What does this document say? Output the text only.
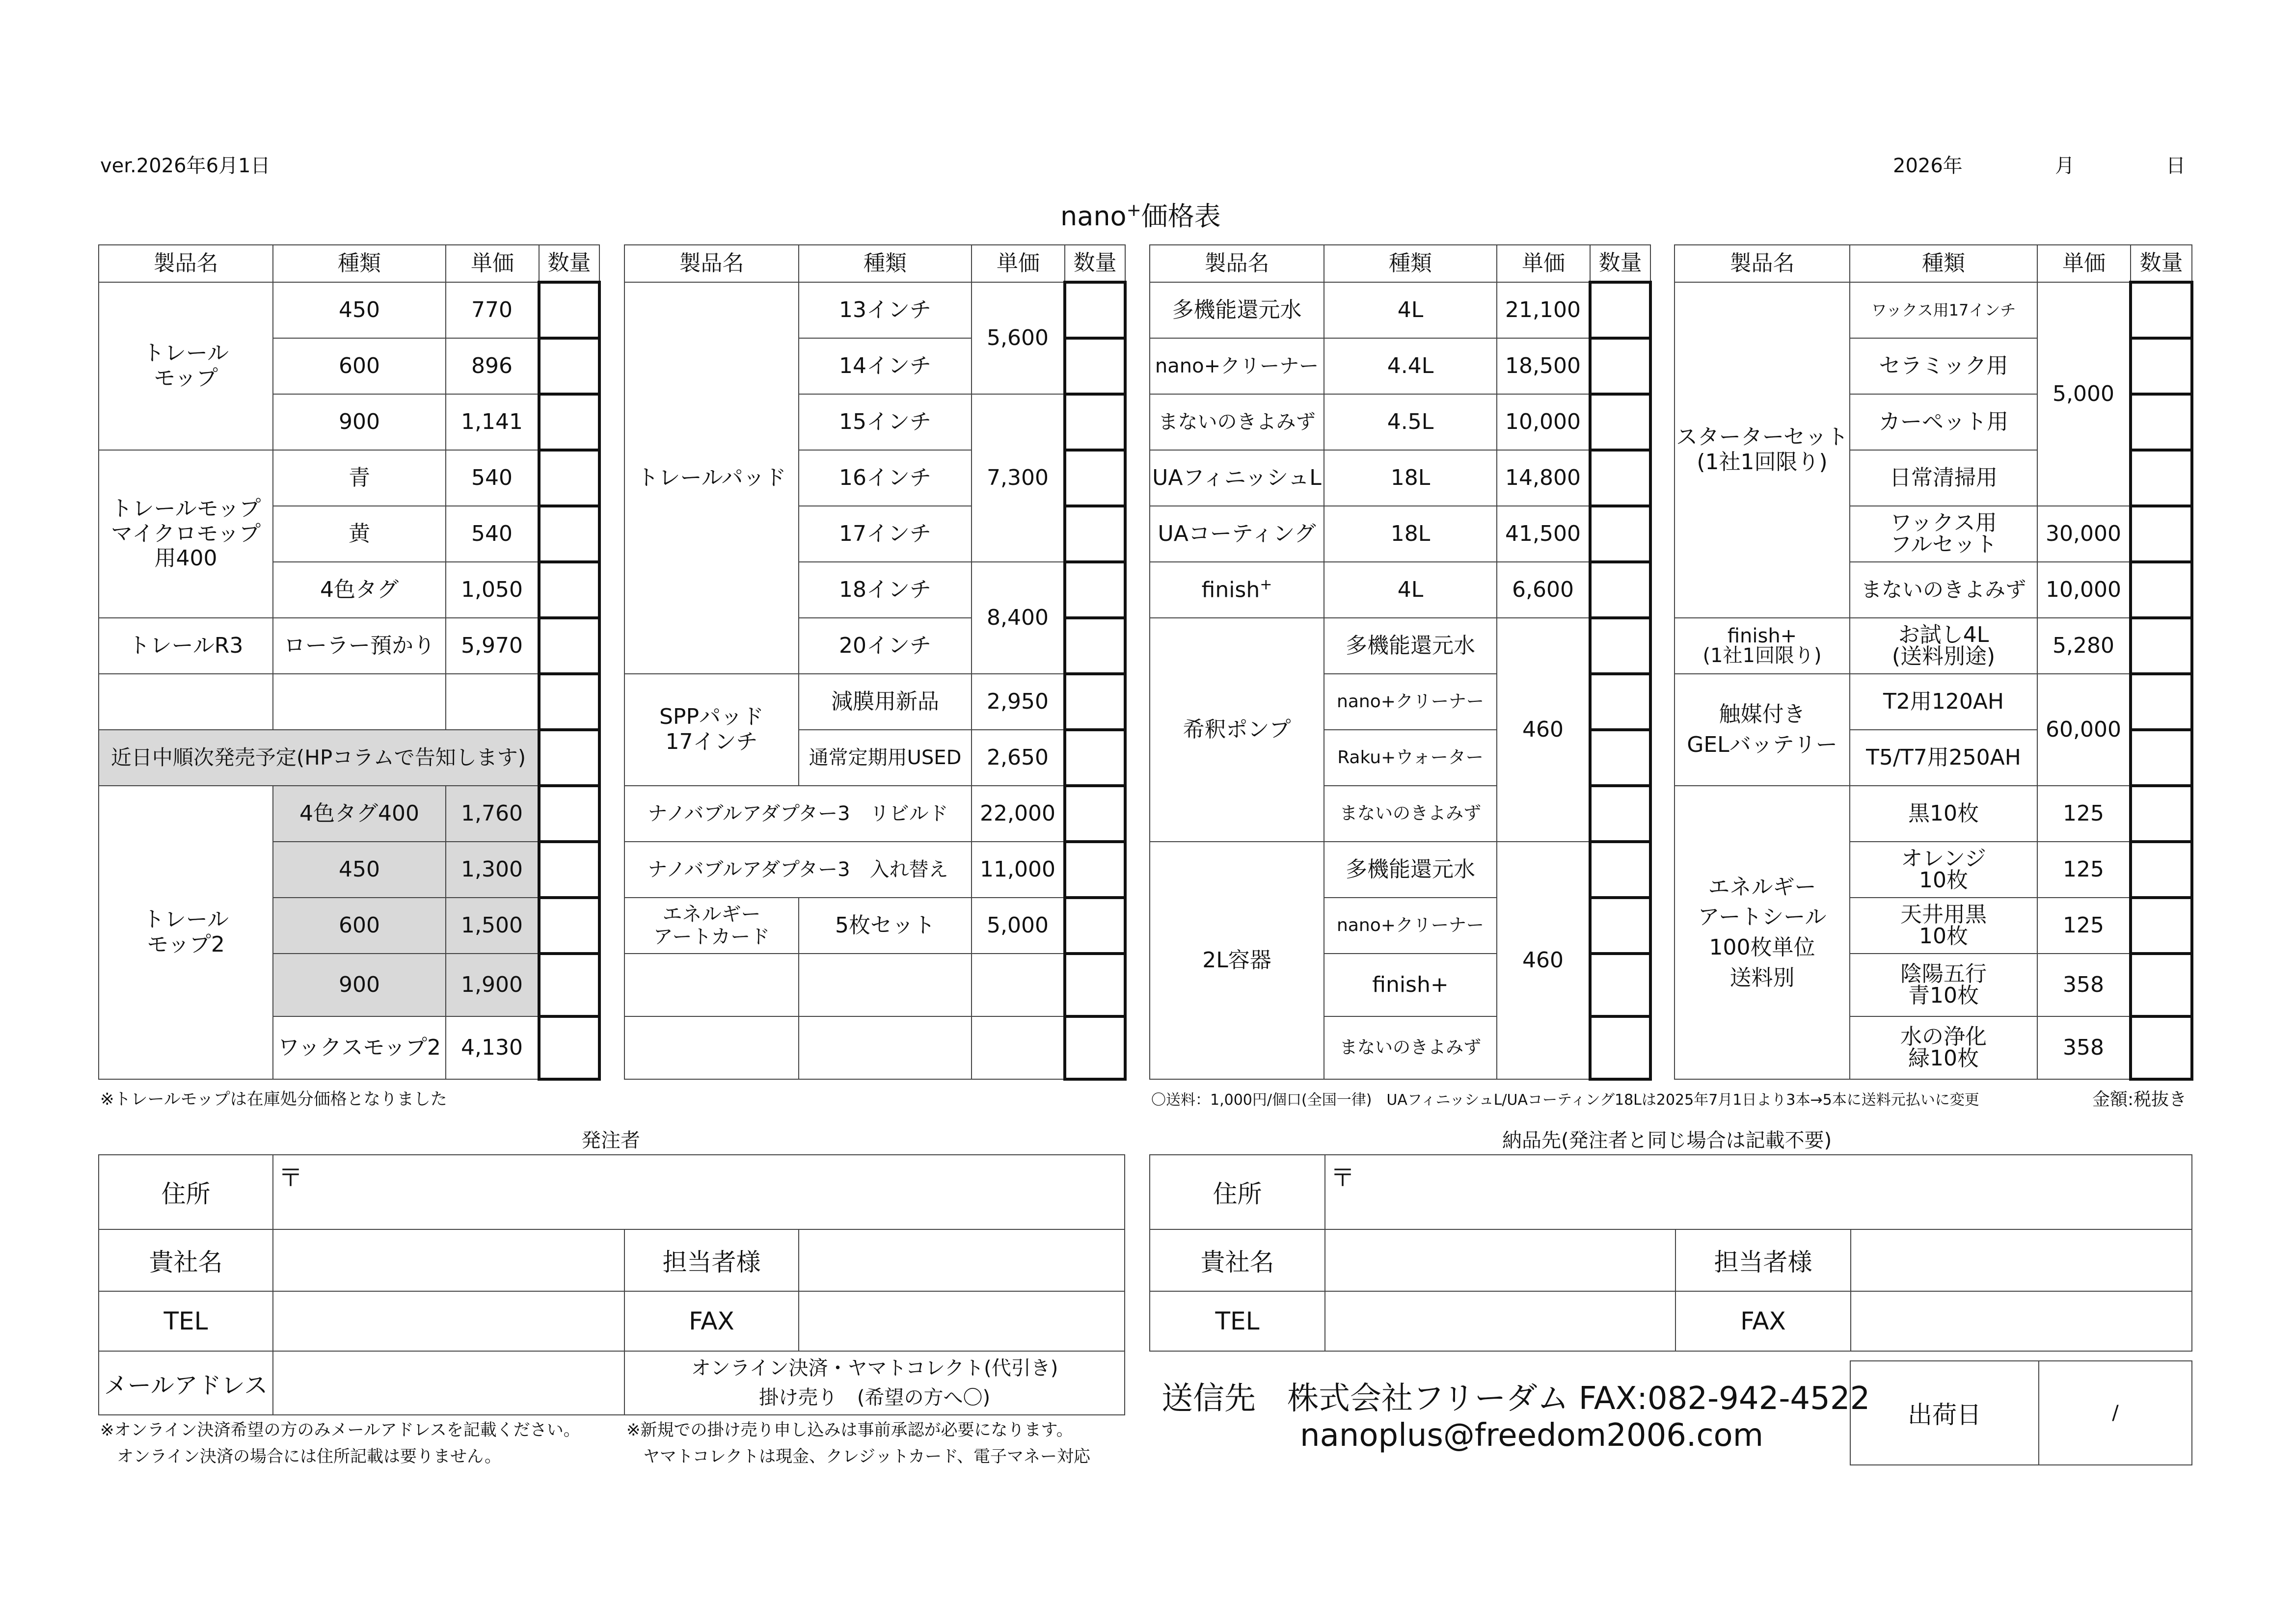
ver.2026年6月1日	2026年	月	日
nano+価格表
製品名	種類	単価	数量
トレール
モップ	450	770	
	600	896	
	900	1,141	
トレールモップ
マイクロモップ
用400	青	540	
	黄	540	
	4色タグ	1,050	
トレールR3	ローラー預かり	5,970	

近日中順次発売予定(HPコラムで告知します)			
トレール
モップ2	4色タグ400	1,760	
	450	1,300	
	600	1,500	
	900	1,900	
	ワックスモップ2	4,130	
製品名	種類	単価	数量
トレールパッド	13インチ	5,600	
	14インチ		
	15インチ	7,300	
	16インチ		
	17インチ		
	18インチ	8,400	
	20インチ		
SPPパッド
17インチ	減膜用新品	2,950	
	通常定期用USED	2,650	
ナノバブルアダプター3　リビルド		22,000	
ナノバブルアダプター3　入れ替え		11,000	
エネルギー
アートカード	5枚セット	5,000	

製品名	種類	単価	数量
多機能還元水	4L	21,100	
nano+クリーナー	4.4L	18,500	
まないのきよみず	4.5L	10,000	
UAフィニッシュL	18L	14,800	
UAコーティング	18L	41,500	
finish+	4L	6,600	
希釈ポンプ	多機能還元水	460	
	nano+クリーナー		
	Raku+ウォーター		
	まないのきよみず		
2L容器	多機能還元水	460	
	nano+クリーナー		
	finish+		
	まないのきよみず		
製品名	種類	単価	数量
スターターセット
(1社1回限り)	ワックス用17インチ	5,000	
	セラミック用		
	カーペット用		
	日常清掃用		
	ワックス用
フルセット	30,000	
	まないのきよみず	10,000	
finish+
(1社1回限り)	お試し4L
(送料別途)	5,280	
触媒付き
GELバッテリー	T2用120AH	60,000	
	T5/T7用250AH		
エネルギー
アートシール
100枚単位
送料別	黒10枚	125	
	オレンジ
10枚	125	
	天井用黒
10枚	125	
	陰陽五行
青10枚	358	
	水の浄化
緑10枚	358	
※トレールモップは在庫処分価格となりました	〇送料：1,000円/個口(全国一律)　UAフィニッシュL/UAコーティング18Lは2025年7月1日より3本→5本に送料元払いに変更	金額:税抜き
発注者	納品先(発注者と同じ場合は記載不要)
住所	〒		
貴社名		担当者様	
TEL		FAX	
メールアドレス		オンライン決済・ヤマトコレクト(代引き)
掛け売り　(希望の方へ〇)	
住所	〒		
貴社名		担当者様	
TEL		FAX	
※オンライン決済希望の方のみメールアドレスを記載ください。
　オンライン決済の場合には住所記載は要りません。
※新規での掛け売り申し込みは事前承認が必要になります。
ヤマトコレクトは現金、クレジットカード、電子マネー対応
送信先　株式会社フリーダム FAX:082-942-4522
nanoplus@freedom2006.com
出荷日	/
